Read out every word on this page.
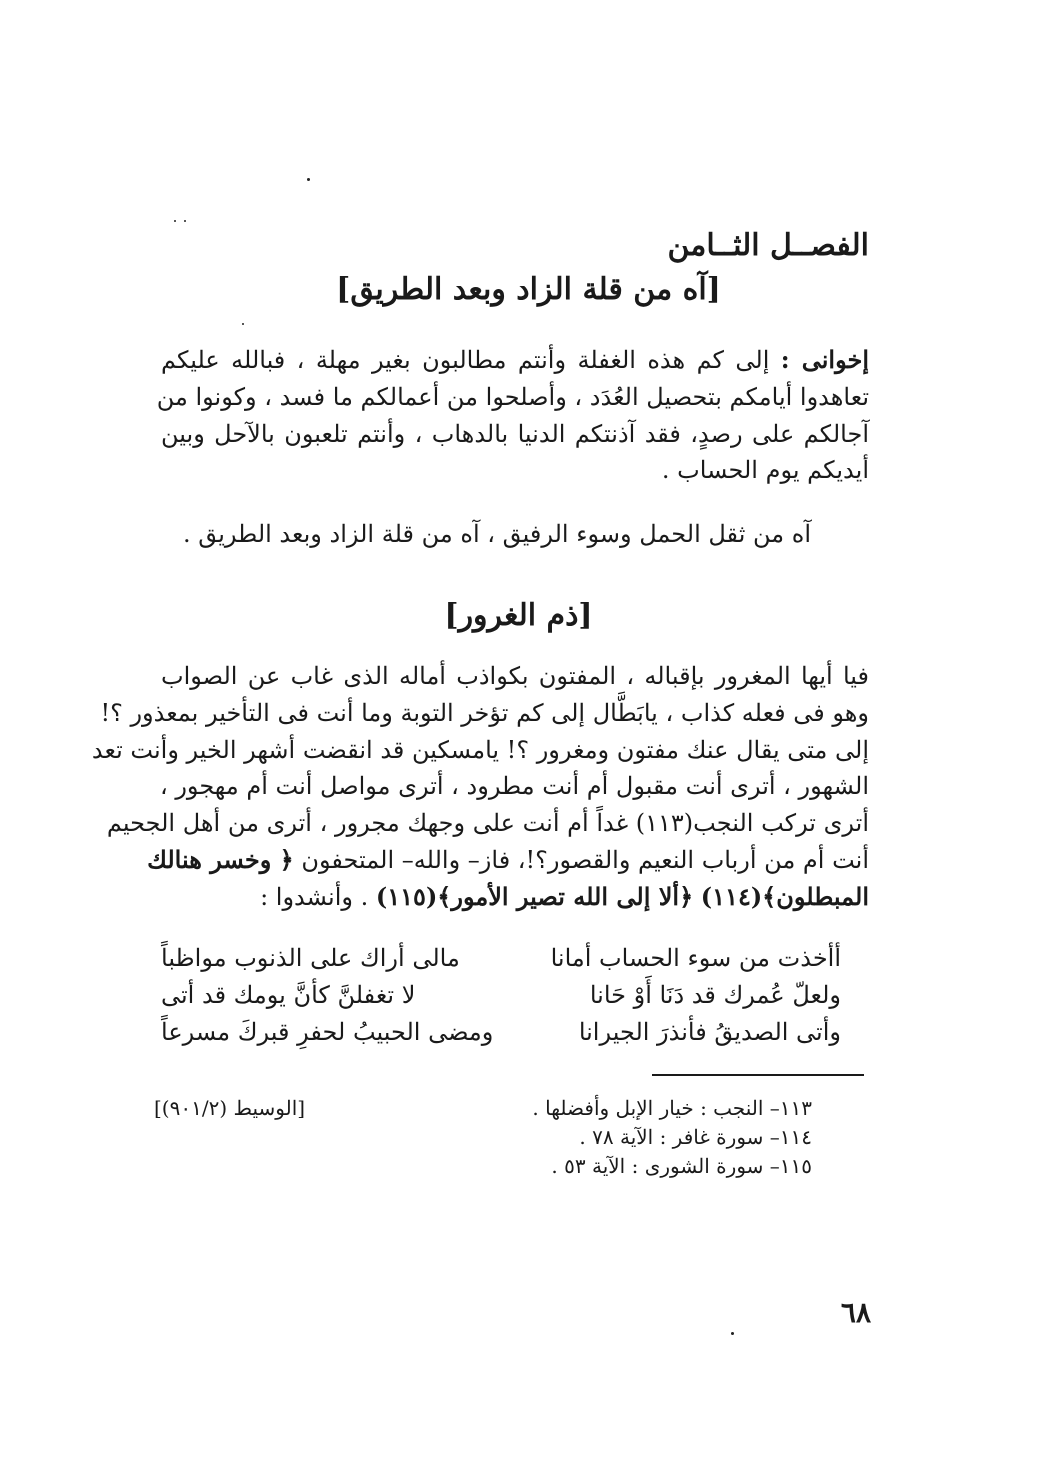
الفصــل الثــامن
[آه من قلة الزاد وبعد الطريق]
إخوانى : إلى كم هذه الغفلة وأنتم مطالبون بغير مهلة ، فبالله عليكم
تعاهدوا أيامكم بتحصيل العُدَد ، وأصلحوا من أعمالكم ما فسد ، وكونوا من
آجالكم على رصدٍ، فقد آذنتكم الدنيا بالدهاب ، وأنتم تلعبون بالآحل وبين
أيديكم يوم الحساب .
آه من ثقل الحمل وسوء الرفيق ، آه من قلة الزاد وبعد الطريق .
[ذم الغرور]
فيا أيها المغرور بإقباله ، المفتون بكواذب أماله الذى غاب عن الصواب
وهو فى فعله كذاب ، يابَطَّال إلى كم تؤخر التوبة وما أنت فى التأخير بمعذور ؟!
إلى متى يقال عنك مفتون ومغرور ؟! يامسكين قد انقضت أشهر الخير وأنت تعد
الشهور ، أترى أنت مقبول أم أنت مطرود ، أترى مواصل أنت أم مهجور ،
أترى تركب النجب(١١٣) غداً أم أنت على وجهك مجرور ، أترى من أهل الجحيم
أنت أم من أرباب النعيم والقصور؟!، فاز– والله– المتحفون ﴿ وخسر هنالك
المبطلون﴾(١١٤) ﴿ألا إلى الله تصير الأمور﴾(١١٥) . وأنشدوا :
مالى أراك على الذنوب مواظباً	أأخذت من سوء الحساب أمانا
لا تغفلنَّ كأنَّ يومك قد أتى	ولعلّ عُمرك قد دَنَا أَوْ حَانا
ومضى الحبيبُ لحفرِ قبركَ مسرعاً	وأتى الصديقُ فأنذرَ الجيرانا
١١٣– النجب : خيار الإبل وأفضلها .
١١٤– سورة غافر : الآية ٧٨ .
١١٥– سورة الشورى : الآية ٥٣ .
[الوسيط (٩٠١/٢)]
٦٨
